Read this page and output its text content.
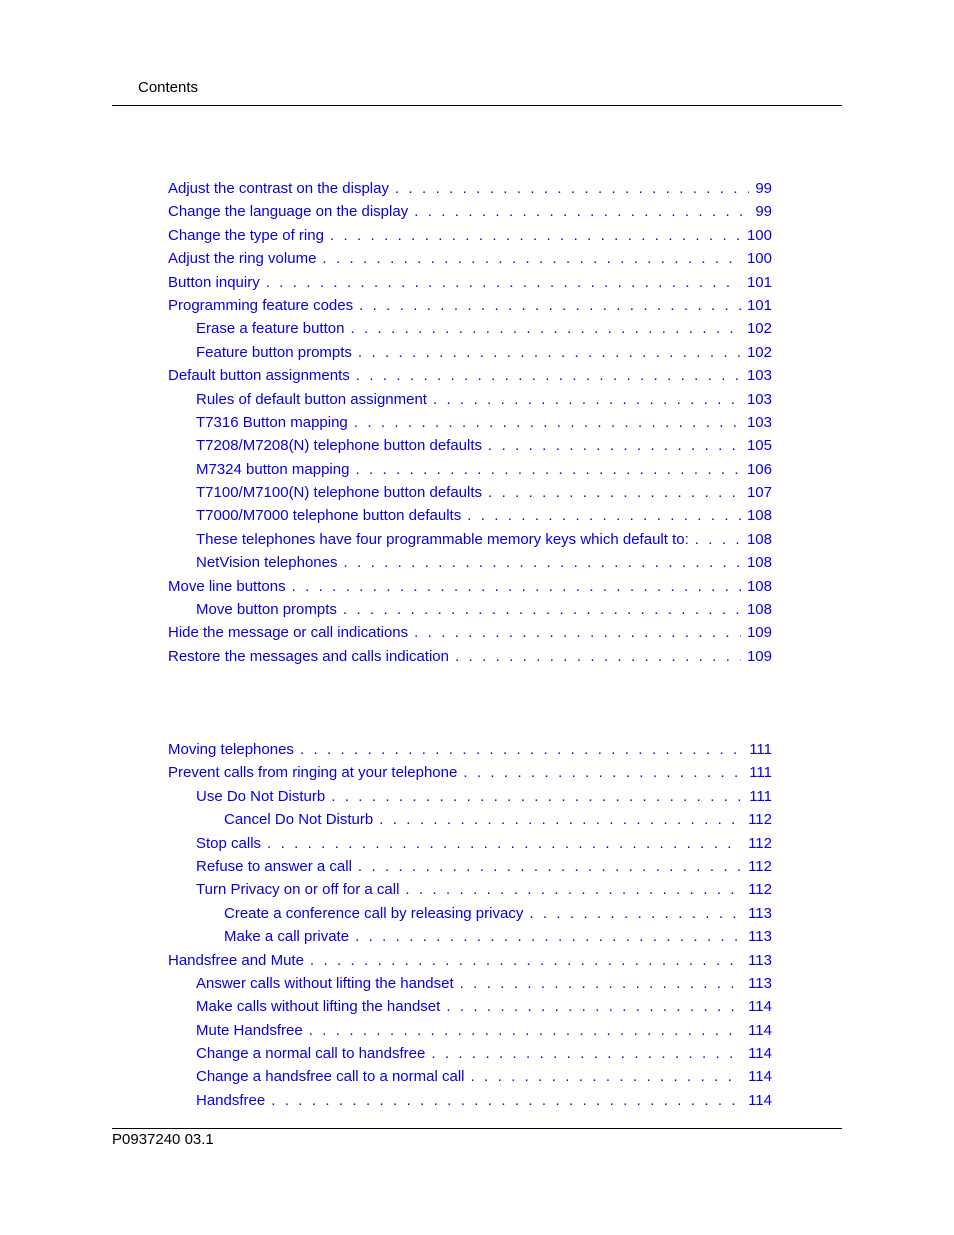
Contents
Adjust the contrast on the display . . .	99
Change the language on the display . . .	99
Change the type of ring . . .	100
Adjust the ring volume . . .	100
Button inquiry . . .	101
Programming feature codes . . .	101
Erase a feature button . . .	102
Feature button prompts . . .	102
Default button assignments . . .	103
Rules of default button assignment . . .	103
T7316 Button mapping . . .	103
T7208/M7208(N) telephone button defaults . . .	105
M7324 button mapping . . .	106
T7100/M7100(N) telephone button defaults . . .	107
T7000/M7000 telephone button defaults . . .	108
These telephones have four programmable memory keys which default to: . . .	108
NetVision telephones . . .	108
Move line buttons . . .	108
Move button prompts . . .	108
Hide the message or call indications . . .	109
Restore the messages and calls indication . . .	109
Moving telephones . . .	111
Prevent calls from ringing at your telephone . . .	111
Use Do Not Disturb . . .	111
Cancel Do Not Disturb . . .	112
Stop calls . . .	112
Refuse to answer a call . . .	112
Turn Privacy on or off for a call . . .	112
Create a conference call by releasing privacy . . .	113
Make a call private . . .	113
Handsfree and Mute . . .	113
Answer calls without lifting the handset . . .	113
Make calls without lifting the handset . . .	114
Mute Handsfree . . .	114
Change a normal call to handsfree . . .	114
Change a handsfree call to a normal call . . .	114
Handsfree . . .	114
P0937240 03.1
